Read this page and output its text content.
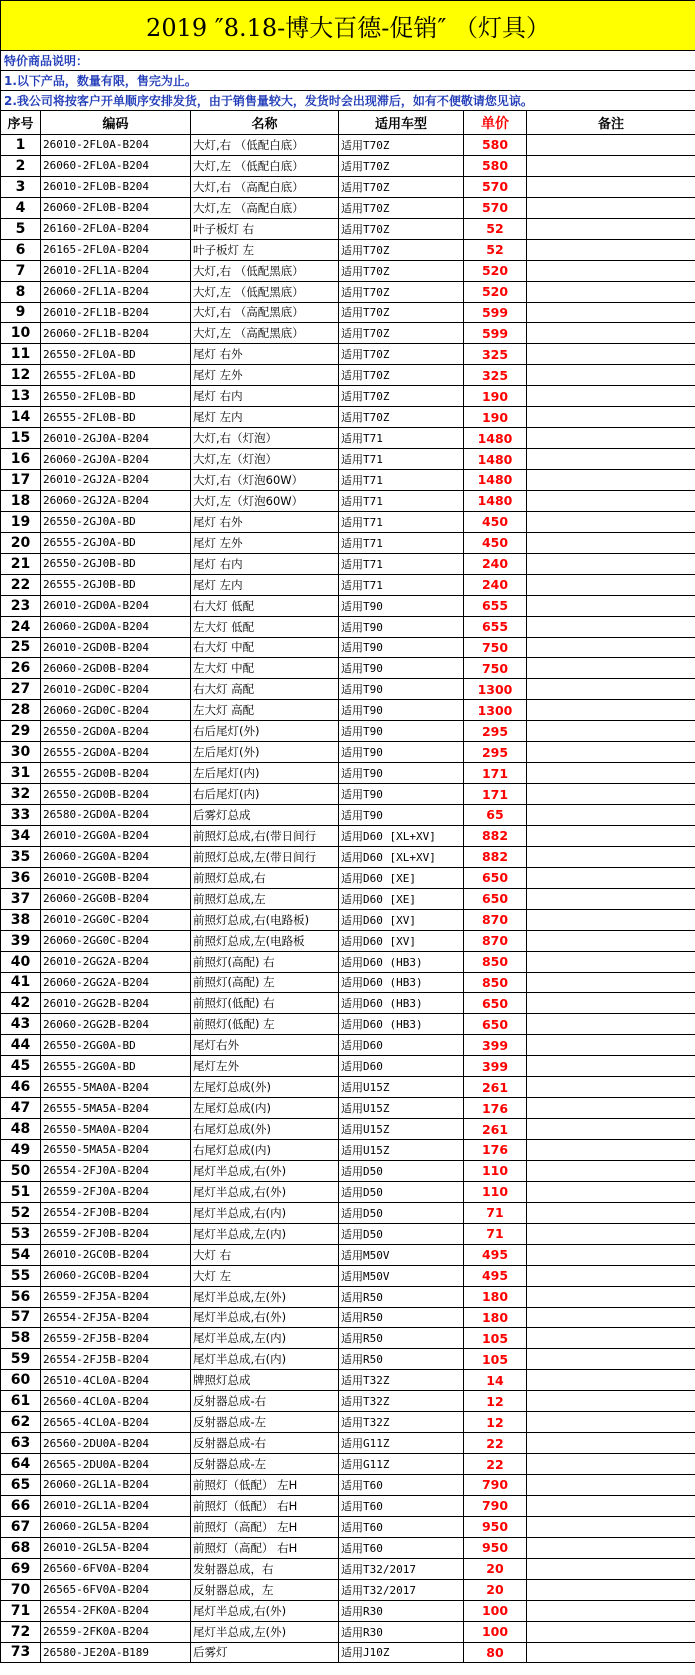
2019 ″8.18-博大百德-促销″ （灯具）					
特价商品说明：					
1.以下产品，数量有限，售完为止。					
2.我公司将按客户开单顺序安排发货，由于销售量较大，发货时会出现滞后，如有不便敬请您见谅。					
序号	编码	名称	适用车型	单价	备注
1	26010-2FL0A-B204	大灯,右 （低配白底）	适用T70Z	580	
2	26060-2FL0A-B204	大灯,左 （低配白底）	适用T70Z	580	
3	26010-2FL0B-B204	大灯,右 （高配白底）	适用T70Z	570	
4	26060-2FL0B-B204	大灯,左 （高配白底）	适用T70Z	570	
5	26160-2FL0A-B204	叶子板灯 右	适用T70Z	52	
6	26165-2FL0A-B204	叶子板灯 左	适用T70Z	52	
7	26010-2FL1A-B204	大灯,右 （低配黑底）	适用T70Z	520	
8	26060-2FL1A-B204	大灯,左 （低配黑底）	适用T70Z	520	
9	26010-2FL1B-B204	大灯,右 （高配黑底）	适用T70Z	599	
10	26060-2FL1B-B204	大灯,左 （高配黑底）	适用T70Z	599	
11	26550-2FL0A-BD	尾灯 右外	适用T70Z	325	
12	26555-2FL0A-BD	尾灯 左外	适用T70Z	325	
13	26550-2FL0B-BD	尾灯 右内	适用T70Z	190	
14	26555-2FL0B-BD	尾灯 左内	适用T70Z	190	
15	26010-2GJ0A-B204	大灯,右（灯泡）	适用T71	1480	
16	26060-2GJ0A-B204	大灯,左（灯泡）	适用T71	1480	
17	26010-2GJ2A-B204	大灯,右（灯泡60W）	适用T71	1480	
18	26060-2GJ2A-B204	大灯,左（灯泡60W）	适用T71	1480	
19	26550-2GJ0A-BD	尾灯 右外	适用T71	450	
20	26555-2GJ0A-BD	尾灯 左外	适用T71	450	
21	26550-2GJ0B-BD	尾灯 右内	适用T71	240	
22	26555-2GJ0B-BD	尾灯 左内	适用T71	240	
23	26010-2GD0A-B204	右大灯 低配	适用T90	655	
24	26060-2GD0A-B204	左大灯 低配	适用T90	655	
25	26010-2GD0B-B204	右大灯 中配	适用T90	750	
26	26060-2GD0B-B204	左大灯 中配	适用T90	750	
27	26010-2GD0C-B204	右大灯 高配	适用T90	1300	
28	26060-2GD0C-B204	左大灯 高配	适用T90	1300	
29	26550-2GD0A-B204	右后尾灯(外)	适用T90	295	
30	26555-2GD0A-B204	左后尾灯(外)	适用T90	295	
31	26555-2GD0B-B204	左后尾灯(内)	适用T90	171	
32	26550-2GD0B-B204	右后尾灯(内)	适用T90	171	
33	26580-2GD0A-B204	后雾灯总成	适用T90	65	
34	26010-2GG0A-B204	前照灯总成,右(带日间行	适用D60 [XL+XV]	882	
35	26060-2GG0A-B204	前照灯总成,左(带日间行	适用D60 [XL+XV]	882	
36	26010-2GG0B-B204	前照灯总成,右	适用D60 [XE]	650	
37	26060-2GG0B-B204	前照灯总成,左	适用D60 [XE]	650	
38	26010-2GG0C-B204	前照灯总成,右(电路板)	适用D60 [XV]	870	
39	26060-2GG0C-B204	前照灯总成,左(电路板	适用D60 [XV]	870	
40	26010-2GG2A-B204	前照灯(高配) 右	适用D60 (HB3)	850	
41	26060-2GG2A-B204	前照灯(高配) 左	适用D60 (HB3)	850	
42	26010-2GG2B-B204	前照灯(低配) 右	适用D60 (HB3)	650	
43	26060-2GG2B-B204	前照灯(低配) 左	适用D60 (HB3)	650	
44	26550-2GG0A-BD	尾灯右外	适用D60	399	
45	26555-2GG0A-BD	尾灯左外	适用D60	399	
46	26555-5MA0A-B204	左尾灯总成(外)	适用U15Z	261	
47	26555-5MA5A-B204	左尾灯总成(内)	适用U15Z	176	
48	26550-5MA0A-B204	右尾灯总成(外)	适用U15Z	261	
49	26550-5MA5A-B204	右尾灯总成(内)	适用U15Z	176	
50	26554-2FJ0A-B204	尾灯半总成,右(外)	适用D50	110	
51	26559-2FJ0A-B204	尾灯半总成,右(外)	适用D50	110	
52	26554-2FJ0B-B204	尾灯半总成,右(内)	适用D50	71	
53	26559-2FJ0B-B204	尾灯半总成,左(内)	适用D50	71	
54	26010-2GC0B-B204	大灯 右	适用M50V	495	
55	26060-2GC0B-B204	大灯 左	适用M50V	495	
56	26559-2FJ5A-B204	尾灯半总成,左(外)	适用R50	180	
57	26554-2FJ5A-B204	尾灯半总成,右(外)	适用R50	180	
58	26559-2FJ5B-B204	尾灯半总成,左(内)	适用R50	105	
59	26554-2FJ5B-B204	尾灯半总成,右(内)	适用R50	105	
60	26510-4CL0A-B204	牌照灯总成	适用T32Z	14	
61	26560-4CL0A-B204	反射器总成-右	适用T32Z	12	
62	26565-4CL0A-B204	反射器总成-左	适用T32Z	12	
63	26560-2DU0A-B204	反射器总成-右	适用G11Z	22	
64	26565-2DU0A-B204	反射器总成-左	适用G11Z	22	
65	26060-2GL1A-B204	前照灯（低配） 左H	适用T60	790	
66	26010-2GL1A-B204	前照灯（低配） 右H	适用T60	790	
67	26060-2GL5A-B204	前照灯（高配） 左H	适用T60	950	
68	26010-2GL5A-B204	前照灯（高配） 右H	适用T60	950	
69	26560-6FV0A-B204	发射器总成，右	适用T32/2017	20	
70	26565-6FV0A-B204	反射器总成，左	适用T32/2017	20	
71	26554-2FK0A-B204	尾灯半总成,右(外)	适用R30	100	
72	26559-2FK0A-B204	尾灯半总成,左(外)	适用R30	100	
73	26580-JE20A-B189	后雾灯	适用J10Z	80	
